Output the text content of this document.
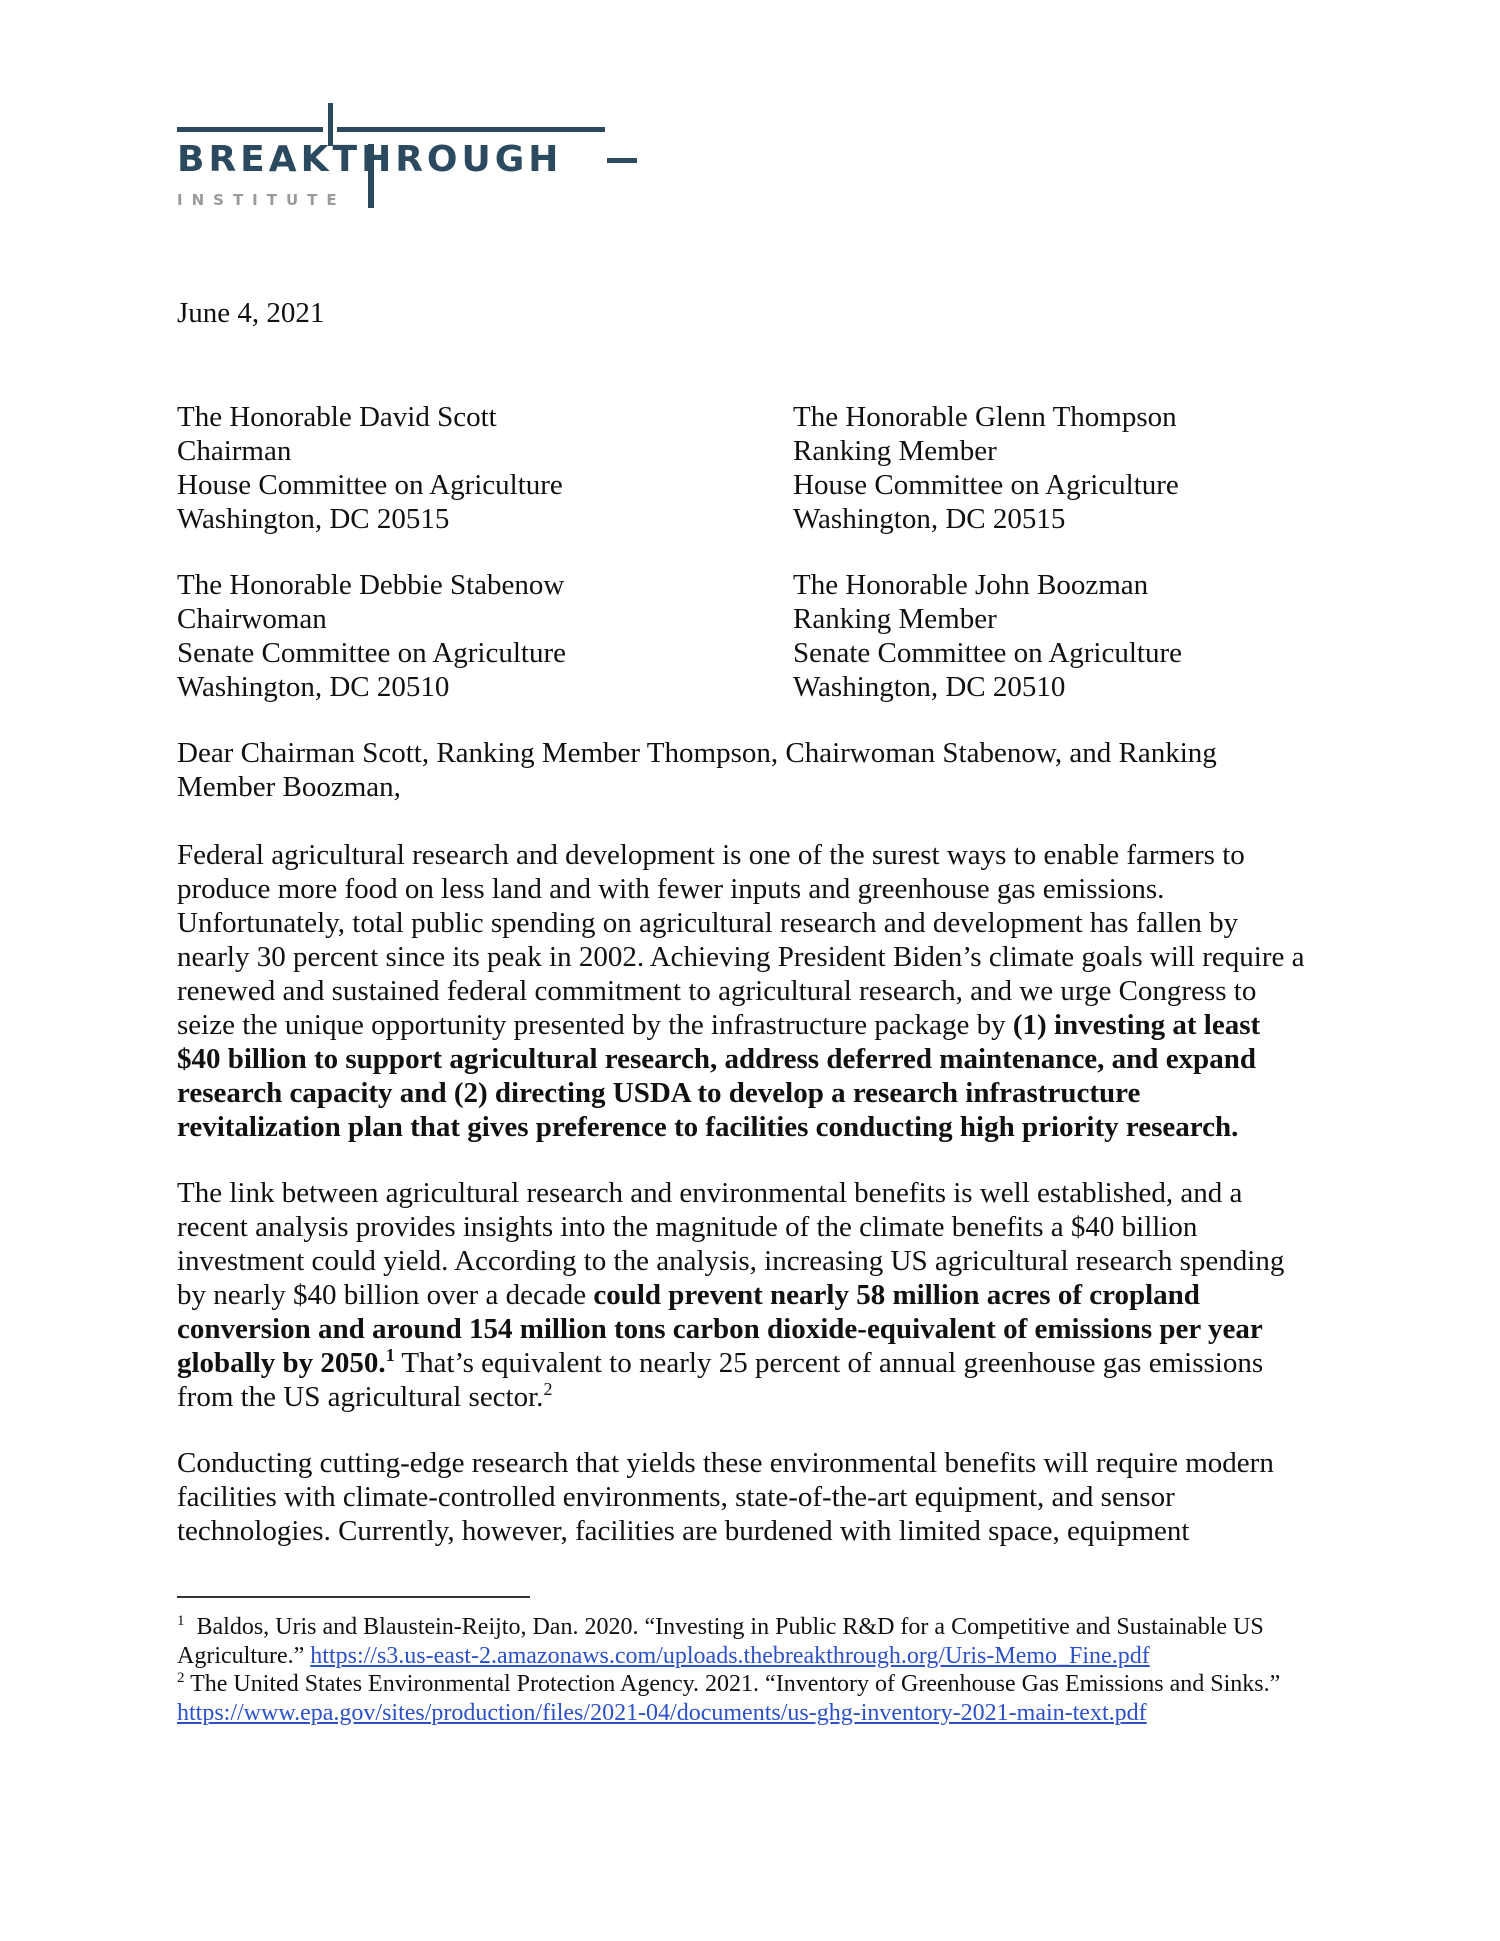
BREAKTHROUGH
INSTITUTE
June 4, 2021
The Honorable David Scott
Chairman
House Committee on Agriculture
Washington, DC 20515
The Honorable Glenn Thompson
Ranking Member
House Committee on Agriculture
Washington, DC 20515
The Honorable Debbie Stabenow
Chairwoman
Senate Committee on Agriculture
Washington, DC 20510
The Honorable John Boozman
Ranking Member
Senate Committee on Agriculture
Washington, DC 20510
Dear Chairman Scott, Ranking Member Thompson, Chairwoman Stabenow, and Ranking
Member Boozman,
Federal agricultural research and development is one of the surest ways to enable farmers to
produce more food on less land and with fewer inputs and greenhouse gas emissions.
Unfortunately, total public spending on agricultural research and development has fallen by
nearly 30 percent since its peak in 2002. Achieving President Biden’s climate goals will require a
renewed and sustained federal commitment to agricultural research, and we urge Congress to
seize the unique opportunity presented by the infrastructure package by (1) investing at least
$40 billion to support agricultural research, address deferred maintenance, and expand
research capacity and (2) directing USDA to develop a research infrastructure
revitalization plan that gives preference to facilities conducting high priority research.
The link between agricultural research and environmental benefits is well established, and a
recent analysis provides insights into the magnitude of the climate benefits a $40 billion
investment could yield. According to the analysis, increasing US agricultural research spending
by nearly $40 billion over a decade could prevent nearly 58 million acres of cropland
conversion and around 154 million tons carbon dioxide-equivalent of emissions per year
globally by 2050.$^1$ That’s equivalent to nearly 25 percent of annual greenhouse gas emissions
from the US agricultural sector.$^2$
Conducting cutting-edge research that yields these environmental benefits will require modern
facilities with climate-controlled environments, state-of-the-art equipment, and sensor
technologies. Currently, however, facilities are burdened with limited space, equipment
$^1$  Baldos, Uris and Blaustein-Reijto, Dan. 2020. “Investing in Public R&D for a Competitive and Sustainable US
Agriculture.” https://s3.us-east-2.amazonaws.com/uploads.thebreakthrough.org/Uris-Memo_Fine.pdf
$^2$ The United States Environmental Protection Agency. 2021. “Inventory of Greenhouse Gas Emissions and Sinks.”
https://www.epa.gov/sites/production/files/2021-04/documents/us-ghg-inventory-2021-main-text.pdf
